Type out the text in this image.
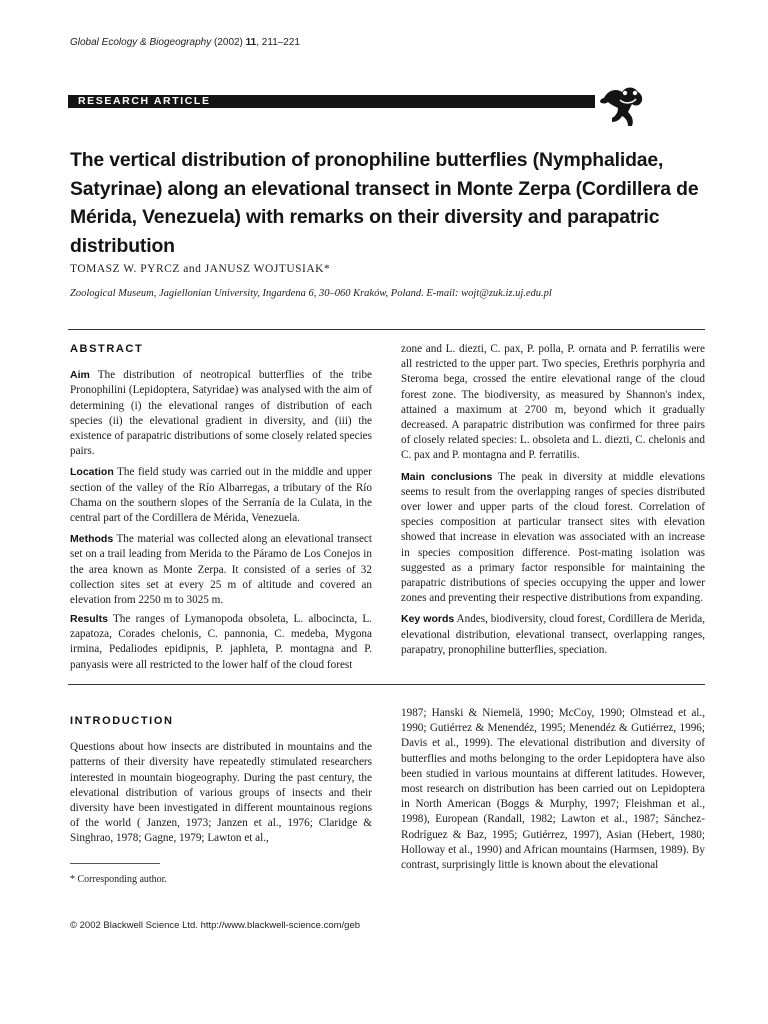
Global Ecology & Biogeography (2002) 11, 211–221
RESEARCH ARTICLE
The vertical distribution of pronophiline butterflies (Nymphalidae, Satyrinae) along an elevational transect in Monte Zerpa (Cordillera de Mérida, Venezuela) with remarks on their diversity and parapatric distribution
TOMASZ W. PYRCZ and JANUSZ WOJTUSIAK*
Zoological Museum, Jagiellonian University, Ingardena 6, 30–060 Kraków, Poland. E-mail: wojt@zuk.iz.uj.edu.pl
ABSTRACT

Aim The distribution of neotropical butterflies of the tribe Pronophilini (Lepidoptera, Satyridae) was analysed with the aim of determining (i) the elevational ranges of distribution of each species (ii) the elevational gradient in diversity, and (iii) the existence of parapatric distributions of some closely related species pairs.

Location The field study was carried out in the middle and upper section of the valley of the Río Albarregas, a tributary of the Río Chama on the southern slopes of the Serranía de la Culata, in the central part of the Cordillera de Mérida, Venezuela.

Methods The material was collected along an elevational transect set on a trail leading from Merida to the Páramo de Los Conejos in the area known as Monte Zerpa. It consisted of a series of 32 collection sites set at every 25 m of altitude and covered an elevation from 2250 m to 3025 m.

Results The ranges of Lymanopoda obsoleta, L. albocincta, L. zapatoza, Corades chelonis, C. pannonia, C. medeba, Mygona irmina, Pedaliodes epidipnis, P. japhleta, P. montagna and P. panyasis were all restricted to the lower half of the cloud forest

zone and L. diezti, C. pax, P. polla, P. ornata and P. ferratilis were all restricted to the upper part. Two species, Erethris porphyria and Steroma bega, crossed the entire elevational range of the cloud forest zone. The biodiversity, as measured by Shannon's index, attained a maximum at 2700 m, beyond which it gradually decreased. A parapatric distribution was confirmed for three pairs of closely related species: L. obsoleta and L. diezti, C. chelonis and C. pax and P. montagna and P. ferratilis.

Main conclusions The peak in diversity at middle elevations seems to result from the overlapping ranges of species distributed over lower and upper parts of the cloud forest. Correlation of species composition at particular transect sites with elevation showed that increase in elevation was associated with an increase in species composition difference. Post-mating isolation was suggested as a primary factor responsible for maintaining the parapatric distributions of species occupying the upper and lower zones and preventing their respective distributions from expanding.

Key words Andes, biodiversity, cloud forest, Cordillera de Merida, elevational distribution, elevational transect, overlapping ranges, parapatry, pronophiline butterflies, speciation.

INTRODUCTION

Questions about how insects are distributed in mountains and the patterns of their diversity have repeatedly stimulated researchers interested in mountain biogeography. During the past century, the elevational distribution of various groups of insects and their diversity have been investigated in different mountainous regions of the world ( Janzen, 1973; Janzen et al., 1976; Claridge & Singhrao, 1978; Gagne, 1979; Lawton et al.,

1987; Hanski & Niemelä, 1990; McCoy, 1990; Olmstead et al., 1990; Gutiérrez & Menendéz, 1995; Menendéz & Gutiérrez, 1996; Davis et al., 1999). The elevational distribution and diversity of butterflies and moths belonging to the order Lepidoptera have also been studied in various mountains at different latitudes. However, most research on distribution has been carried out on Lepidoptera in North American (Boggs & Murphy, 1997; Fleishman et al., 1998), European (Randall, 1982; Lawton et al., 1987; Sánchez-Rodríguez & Baz, 1995; Gutiérrez, 1997), Asian (Hebert, 1980; Holloway et al., 1990) and African mountains (Harmsen, 1989). By contrast, surprisingly little is known about the elevational

* Corresponding author.
© 2002 Blackwell Science Ltd. http://www.blackwell-science.com/geb
